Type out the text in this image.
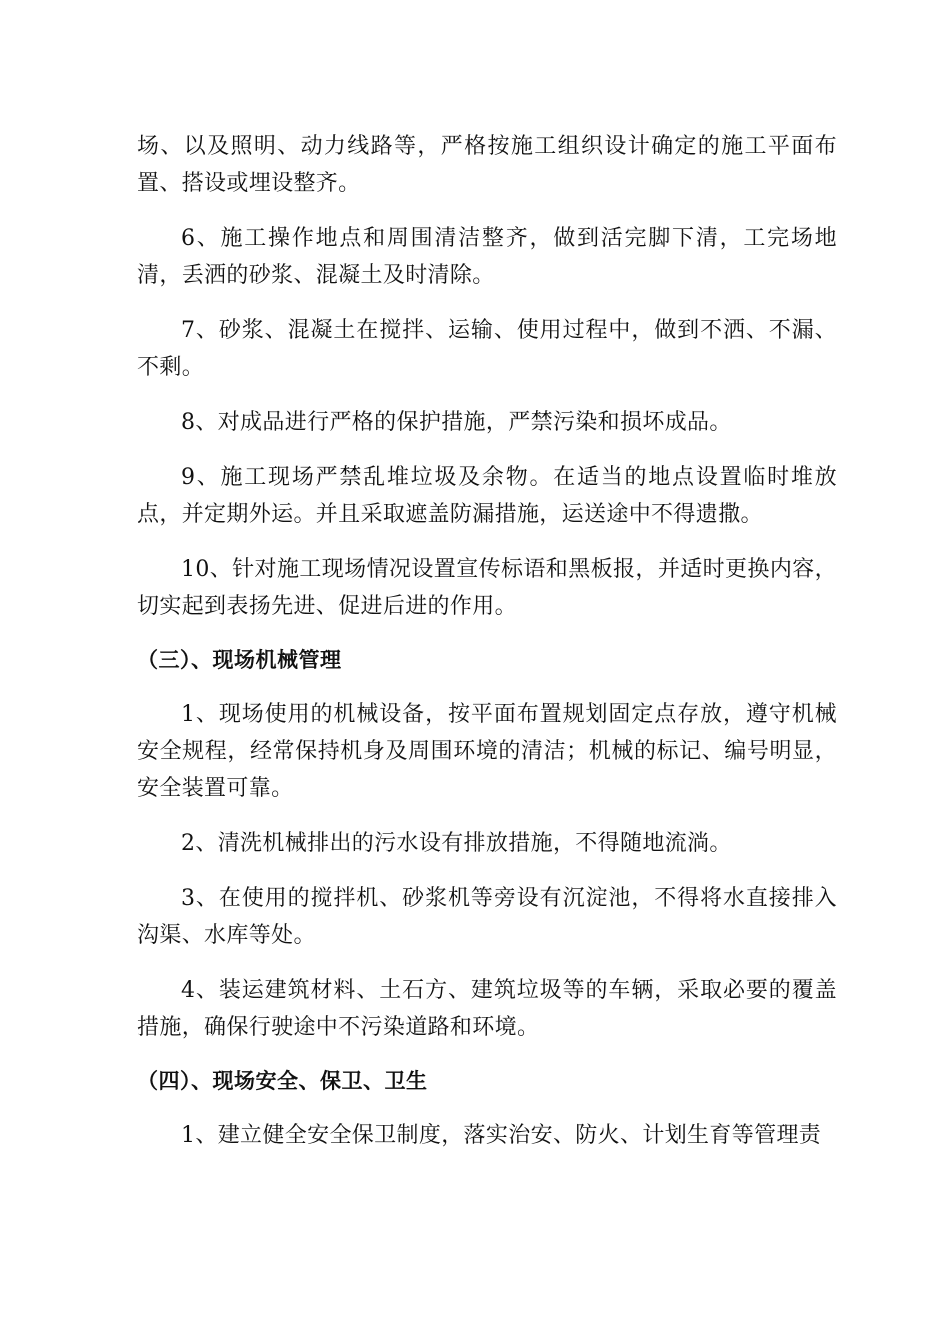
场、以及照明、动力线路等，严格按施工组织设计确定的施工平面布置、搭设或埋设整齐。

6、施工操作地点和周围清洁整齐，做到活完脚下清，工完场地清，丢洒的砂浆、混凝土及时清除。

7、砂浆、混凝土在搅拌、运输、使用过程中，做到不洒、不漏、不剩。

8、对成品进行严格的保护措施，严禁污染和损坏成品。

9、施工现场严禁乱堆垃圾及余物。在适当的地点设置临时堆放点，并定期外运。并且采取遮盖防漏措施，运送途中不得遗撒。

10、针对施工现场情况设置宣传标语和黑板报，并适时更换内容，切实起到表扬先进、促进后进的作用。

（三）、现场机械管理

1、现场使用的机械设备，按平面布置规划固定点存放，遵守机械安全规程，经常保持机身及周围环境的清洁；机械的标记、编号明显，安全装置可靠。

2、清洗机械排出的污水设有排放措施，不得随地流淌。

3、在使用的搅拌机、砂浆机等旁设有沉淀池，不得将水直接排入沟渠、水库等处。

4、装运建筑材料、土石方、建筑垃圾等的车辆，采取必要的覆盖措施，确保行驶途中不污染道路和环境。

（四）、现场安全、保卫、卫生

1、建立健全安全保卫制度，落实治安、防火、计划生育等管理责
